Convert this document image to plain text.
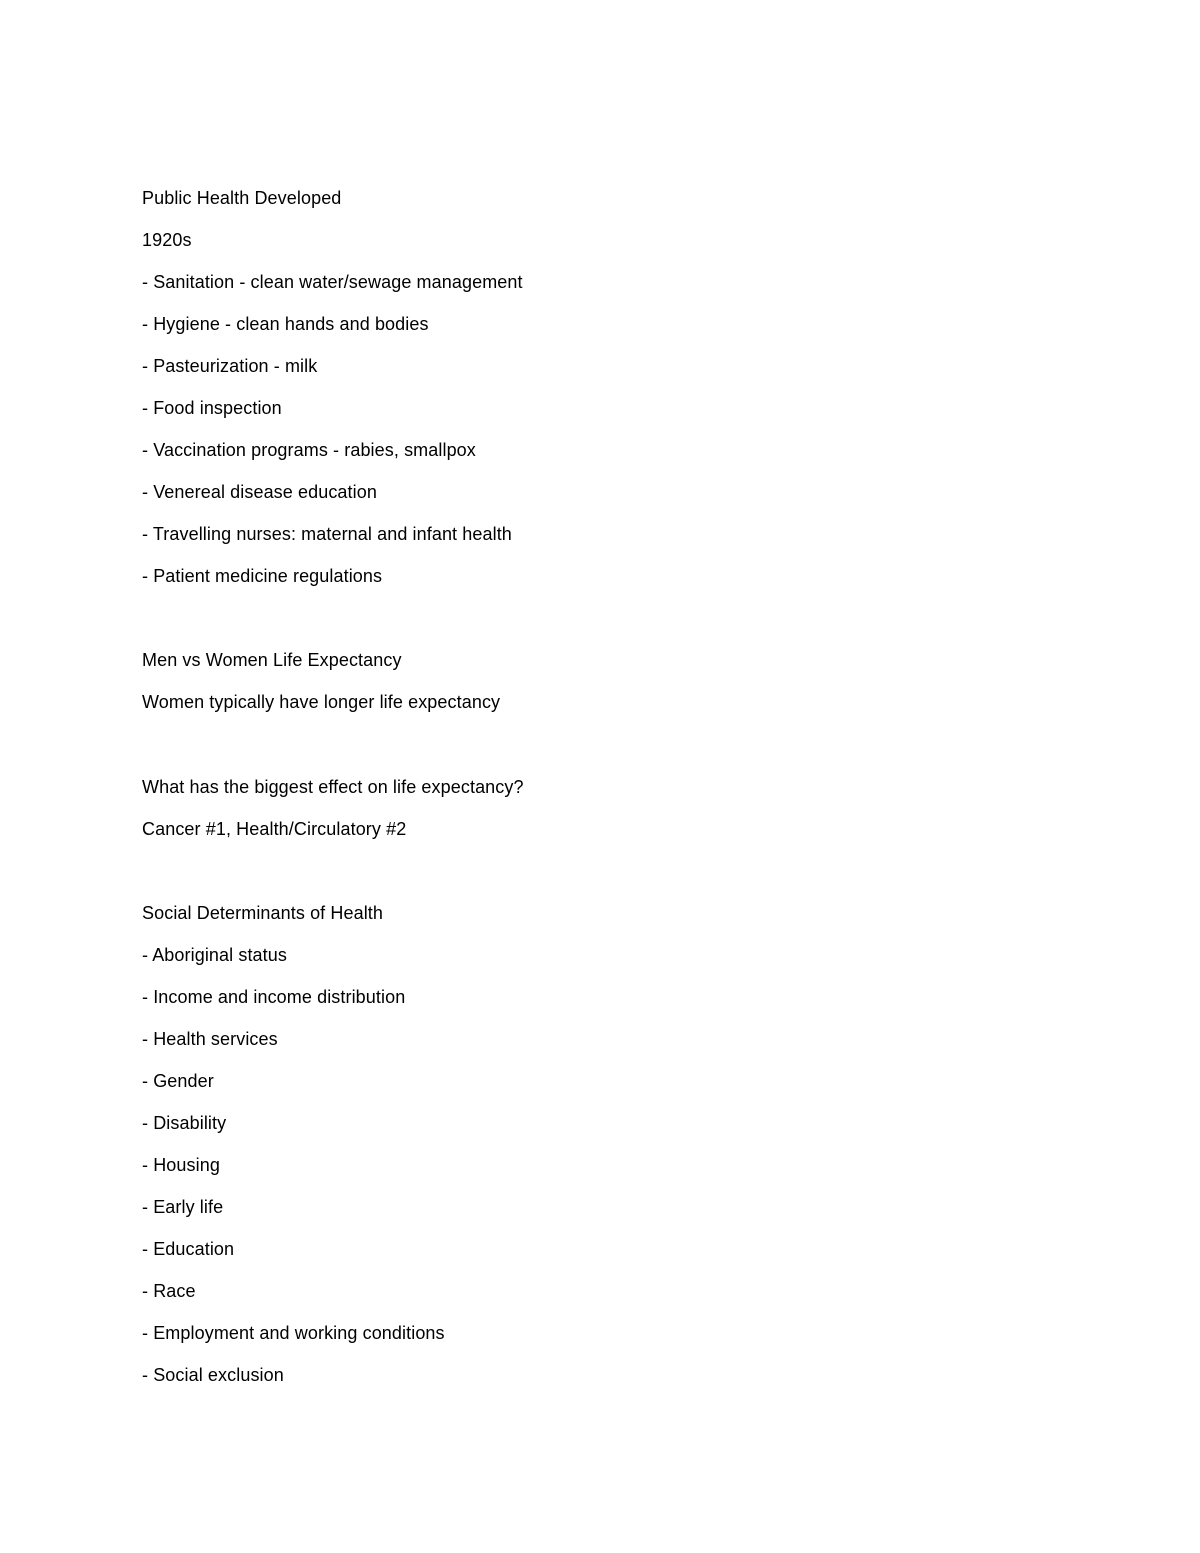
Public Health Developed
1920s
- Sanitation - clean water/sewage management
- Hygiene - clean hands and bodies
- Pasteurization - milk
- Food inspection
- Vaccination programs - rabies, smallpox
- Venereal disease education
- Travelling nurses: maternal and infant health
- Patient medicine regulations
Men vs Women Life Expectancy
Women typically have longer life expectancy
What has the biggest effect on life expectancy?
Cancer #1, Health/Circulatory #2
Social Determinants of Health
- Aboriginal status
- Income and income distribution
- Health services
- Gender
- Disability
- Housing
- Early life
- Education
- Race
- Employment and working conditions
- Social exclusion
